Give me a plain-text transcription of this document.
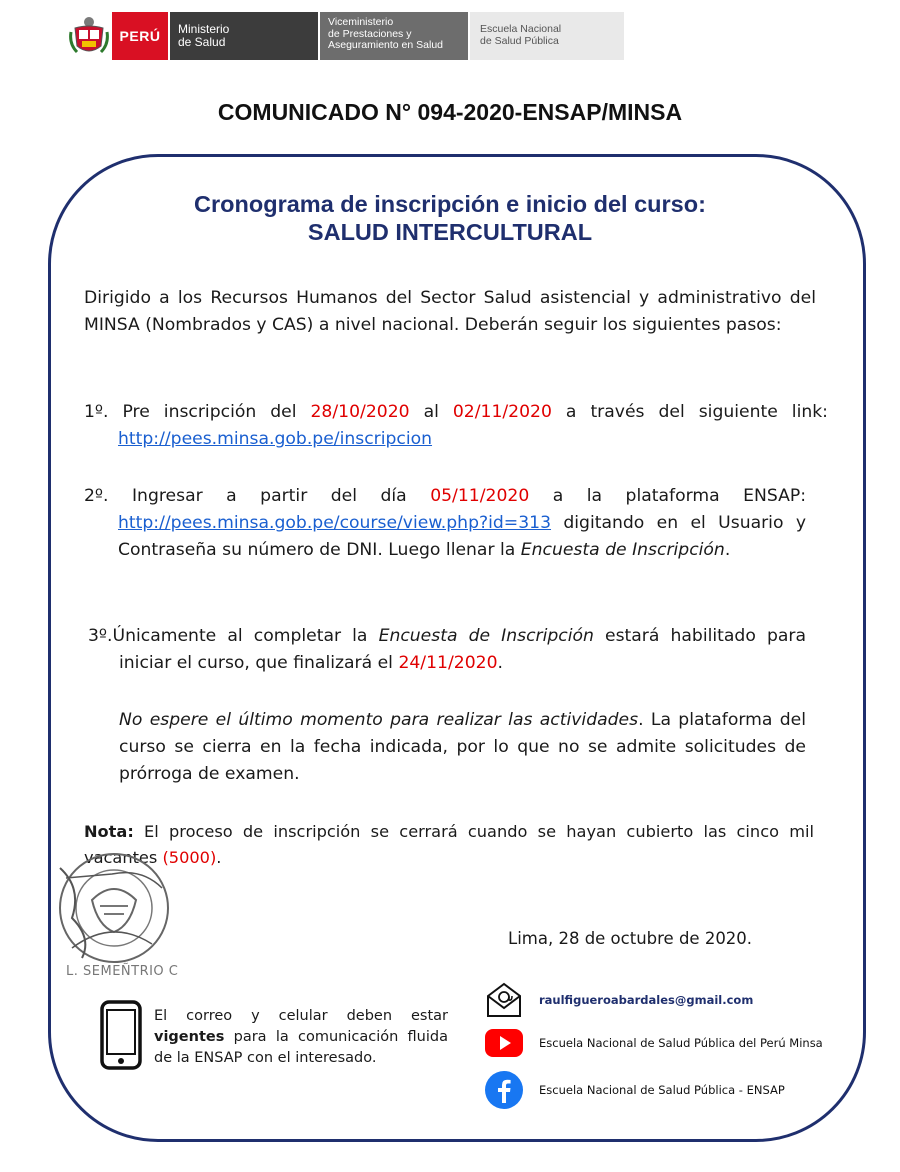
PERÚ	Ministerio
de Salud
Viceministerio
de Prestaciones y
Aseguramiento en Salud
Escuela Nacional
de Salud Pública
COMUNICADO N° 094-2020-ENSAP/MINSA
Cronograma de inscripción e inicio del curso:
SALUD INTERCULTURAL
Dirigido a los Recursos Humanos del Sector Salud asistencial y administrativo del MINSA (Nombrados y CAS) a nivel nacional. Deberán seguir los siguientes pasos:
1º. Pre inscripción del 28/10/2020 al 02/11/2020 a través del siguiente link: http://pees.minsa.gob.pe/inscripcion
2º. Ingresar a partir del día 05/11/2020 a la plataforma ENSAP: http://pees.minsa.gob.pe/course/view.php?id=313 digitando en el Usuario y Contraseña su número de DNI. Luego llenar la Encuesta de Inscripción.
3º.Únicamente al completar la Encuesta de Inscripción estará habilitado para iniciar el curso, que finalizará el 24/11/2020.
No espere el último momento para realizar las actividades. La plataforma del curso se cierra en la fecha indicada, por lo que no se admite solicitudes de prórroga de examen.
Nota: El proceso de inscripción se cerrará cuando se hayan cubierto las cinco mil vacantes (5000).
L. SEMEÑTRIO C
Lima, 28 de octubre de 2020.
El correo y celular deben estar vigentes para la comunicación fluida de la ENSAP con el interesado.
raulfigueroabardales@gmail.com
Escuela Nacional de Salud Pública del Perú Minsa
Escuela Nacional de Salud Pública - ENSAP
